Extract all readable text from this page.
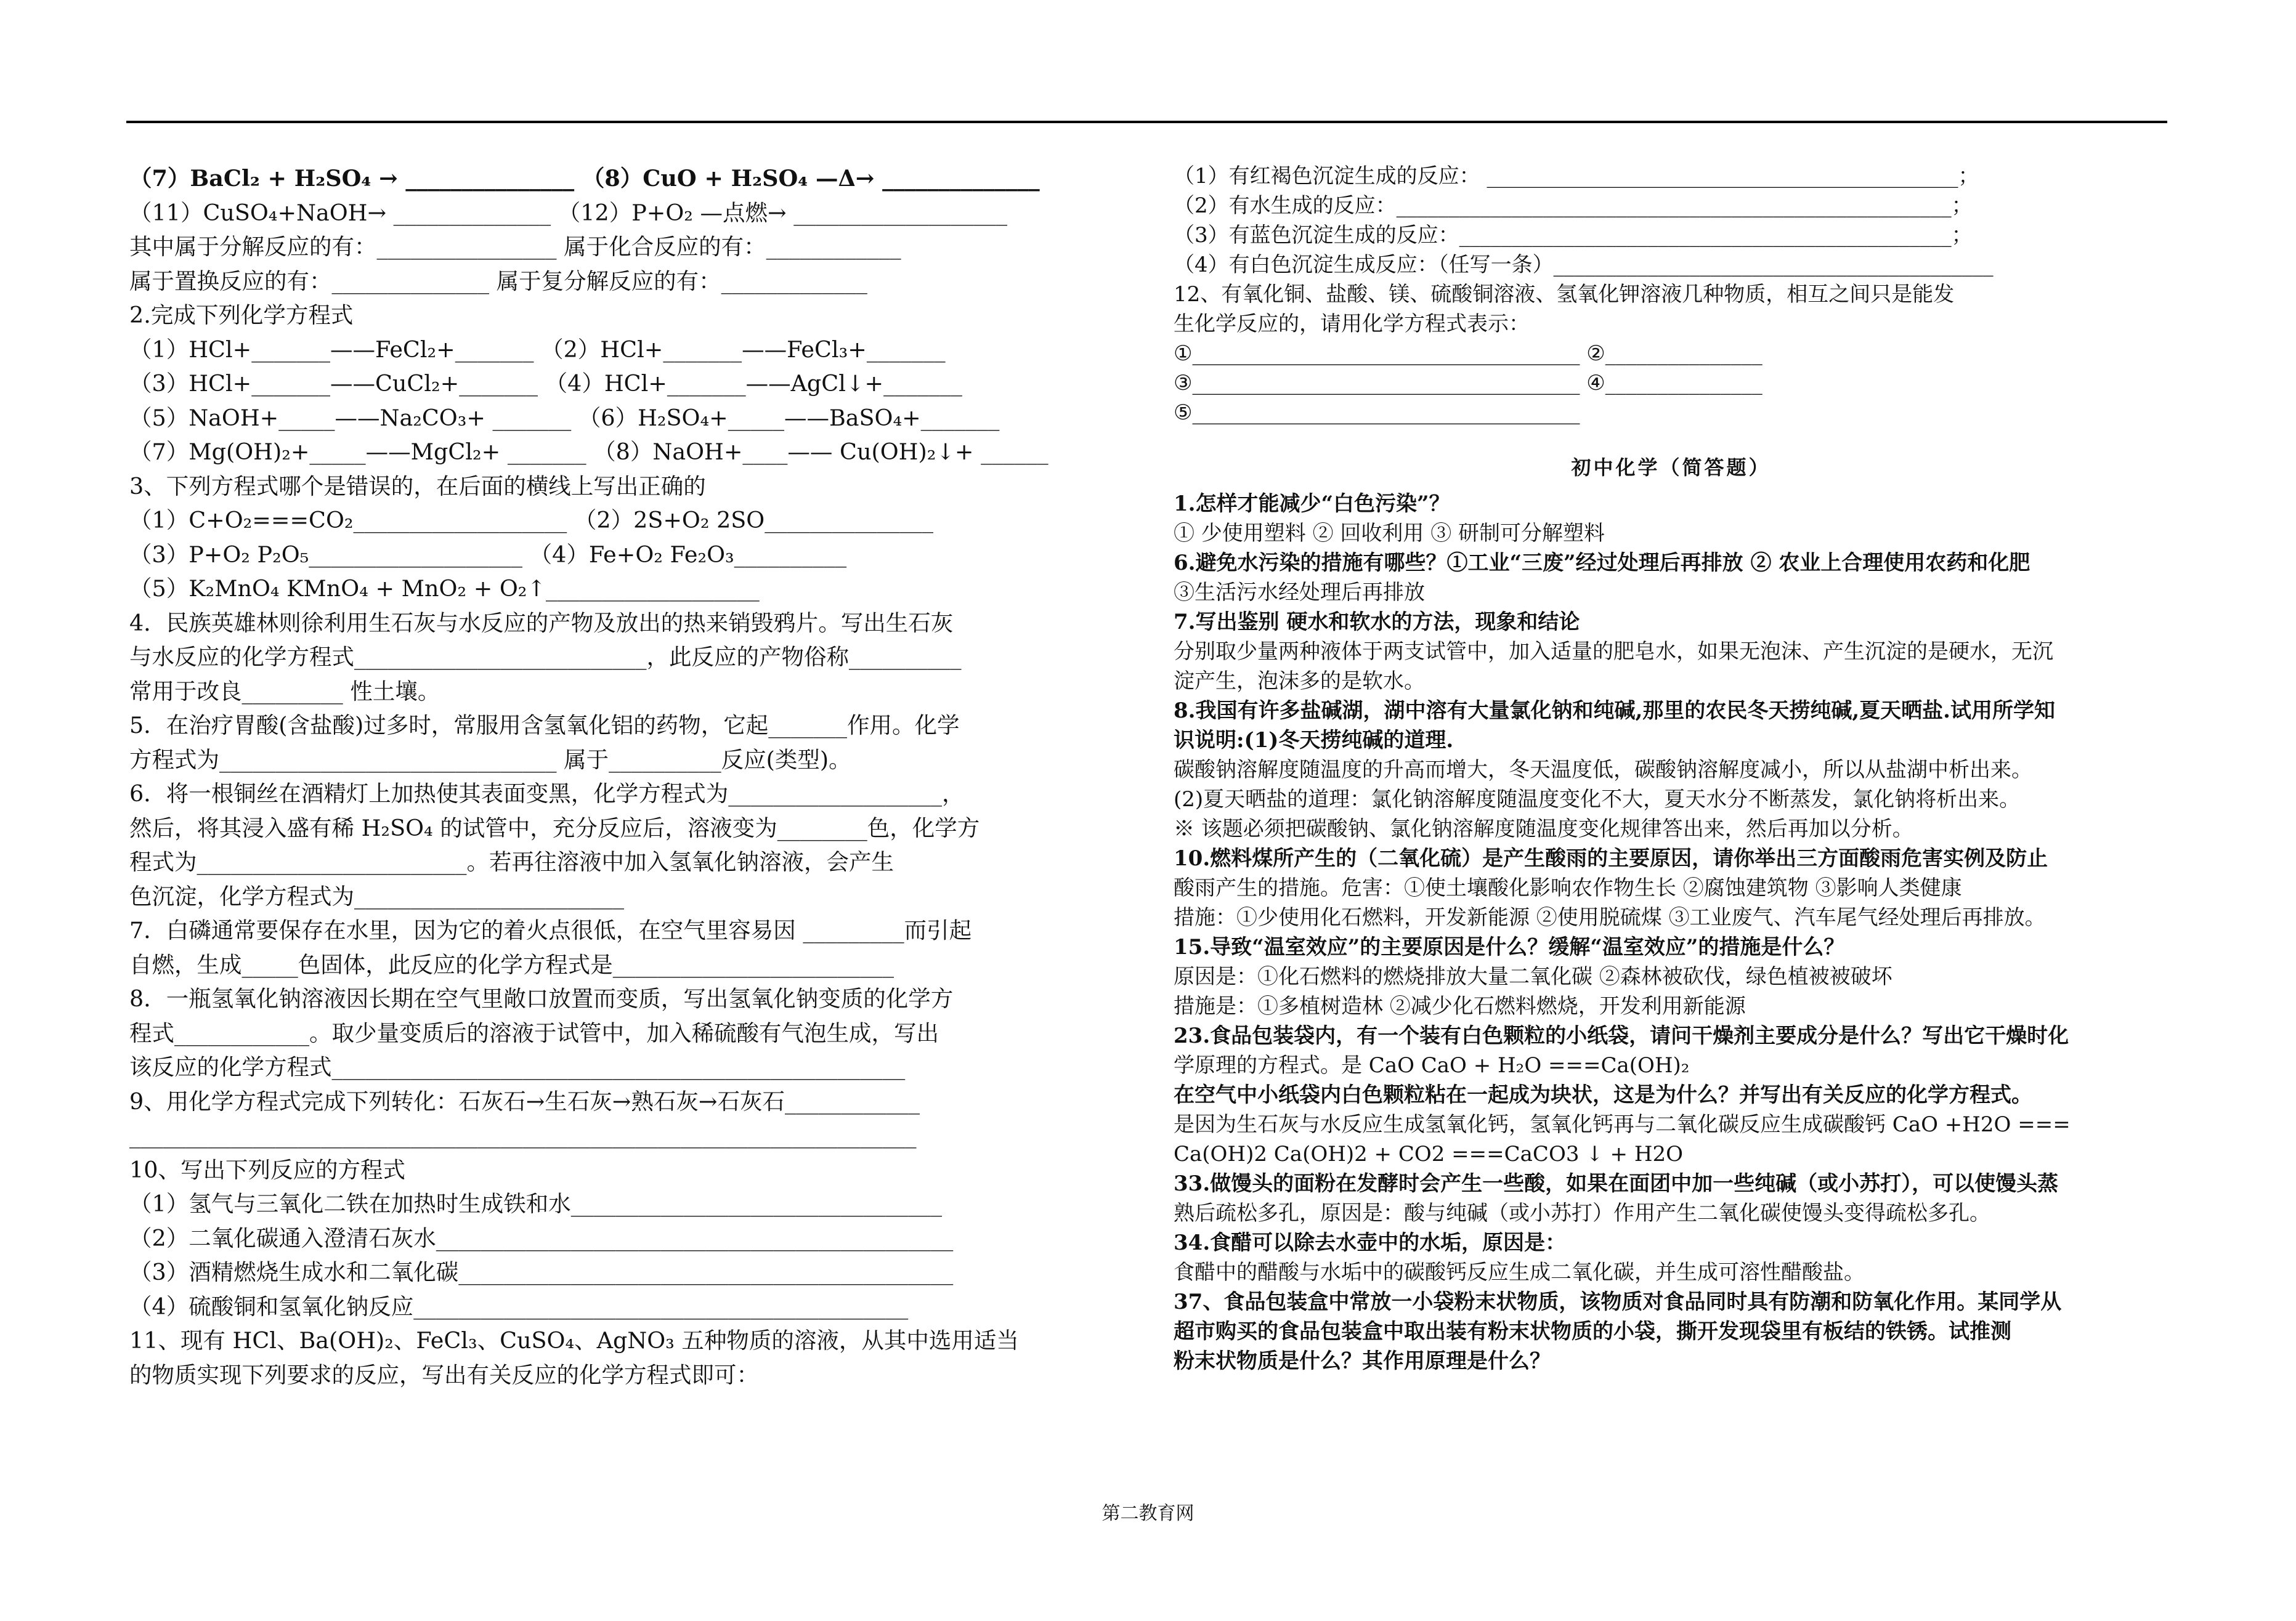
（7）BaCl₂ + H₂SO₄ → _______________ （8）CuO + H₂SO₄ —Δ→ ______________
（11）CuSO₄+NaOH→ ______________ （12）P+O₂ —点燃→ ___________________
其中属于分解反应的有：________________ 属于化合反应的有：____________
属于置换反应的有：______________ 属于复分解反应的有：_____________
2.完成下列化学方程式
（1）HCl+_______——FeCl₂+_______ （2）HCl+_______——FeCl₃+_______
（3）HCl+_______——CuCl₂+_______ （4）HCl+_______——AgCl↓+_______
（5）NaOH+_____——Na₂CO₃+ _______ （6）H₂SO₄+_____——BaSO₄+_______
（7）Mg(OH)₂+_____——MgCl₂+ _______ （8）NaOH+____—— Cu(OH)₂↓+ ______
3、下列方程式哪个是错误的，在后面的横线上写出正确的
（1）C+O₂===CO₂___________________ （2）2S+O₂ 2SO_______________
（3）P+O₂ P₂O₅___________________ （4）Fe+O₂ Fe₂O₃__________
（5）K₂MnO₄ KMnO₄ + MnO₂ + O₂↑___________________
4．民族英雄林则徐利用生石灰与水反应的产物及放出的热来销毁鸦片。写出生石灰
与水反应的化学方程式__________________________，此反应的产物俗称__________
常用于改良_________ 性土壤。
5．在治疗胃酸(含盐酸)过多时，常服用含氢氧化铝的药物，它起_______作用。化学
方程式为______________________________ 属于__________反应(类型)。
6．将一根铜丝在酒精灯上加热使其表面变黑，化学方程式为___________________，
然后，将其浸入盛有稀 H₂SO₄ 的试管中，充分反应后，溶液变为________色，化学方
程式为________________________。若再往溶液中加入氢氧化钠溶液，会产生
色沉淀，化学方程式为________________________
7．白磷通常要保存在水里，因为它的着火点很低，在空气里容易因 _________而引起
自燃，生成_____色固体，此反应的化学方程式是_________________________
8．一瓶氢氧化钠溶液因长期在空气里敞口放置而变质，写出氢氧化钠变质的化学方
程式____________。取少量变质后的溶液于试管中，加入稀硫酸有气泡生成，写出
该反应的化学方程式___________________________________________________
9、用化学方程式完成下列转化：石灰石→生石灰→熟石灰→石灰石____________
______________________________________________________________________
10、写出下列反应的方程式
（1）氢气与三氧化二铁在加热时生成铁和水_________________________________
（2）二氧化碳通入澄清石灰水______________________________________________
（3）酒精燃烧生成水和二氧化碳____________________________________________
（4）硫酸铜和氢氧化钠反应____________________________________________
11、现有 HCl、Ba(OH)₂、FeCl₃、CuSO₄、AgNO₃ 五种物质的溶液，从其中选用适当
的物质实现下列要求的反应，写出有关反应的化学方程式即可：
（1）有红褐色沉淀生成的反应： _____________________________________________；
（2）有水生成的反应：_____________________________________________________；
（3）有蓝色沉淀生成的反应：_______________________________________________；
（4）有白色沉淀生成反应：（任写一条）__________________________________________
12、有氧化铜、盐酸、镁、硫酸铜溶液、氢氧化钾溶液几种物质，相互之间只是能发
生化学反应的，请用化学方程式表示：
①_____________________________________ ②_______________
③_____________________________________ ④_______________
⑤_____________________________________
初中化学（简答题）
1.怎样才能减少“白色污染”？
① 少使用塑料 ② 回收利用 ③ 研制可分解塑料
6.避免水污染的措施有哪些？①工业“三废”经过处理后再排放 ② 农业上合理使用农药和化肥
③生活污水经处理后再排放
7.写出鉴别 硬水和软水的方法，现象和结论
分别取少量两种液体于两支试管中，加入适量的肥皂水，如果无泡沫、产生沉淀的是硬水，无沉
淀产生，泡沫多的是软水。
8.我国有许多盐碱湖，湖中溶有大量氯化钠和纯碱,那里的农民冬天捞纯碱,夏天晒盐.试用所学知
识说明:(1)冬天捞纯碱的道理.
碳酸钠溶解度随温度的升高而增大，冬天温度低，碳酸钠溶解度减小，所以从盐湖中析出来。
(2)夏天晒盐的道理：氯化钠溶解度随温度变化不大，夏天水分不断蒸发，氯化钠将析出来。
※ 该题必须把碳酸钠、氯化钠溶解度随温度变化规律答出来，然后再加以分析。
10.燃料煤所产生的（二氧化硫）是产生酸雨的主要原因，请你举出三方面酸雨危害实例及防止
酸雨产生的措施。危害：①使土壤酸化影响农作物生长 ②腐蚀建筑物 ③影响人类健康
措施：①少使用化石燃料，开发新能源 ②使用脱硫煤 ③工业废气、汽车尾气经处理后再排放。
15.导致“温室效应”的主要原因是什么？缓解“温室效应”的措施是什么？
原因是：①化石燃料的燃烧排放大量二氧化碳 ②森林被砍伐，绿色植被被破坏
措施是：①多植树造林 ②减少化石燃料燃烧，开发利用新能源
23.食品包装袋内，有一个装有白色颗粒的小纸袋，请问干燥剂主要成分是什么？写出它干燥时化
学原理的方程式。是 CaO CaO + H₂O ===Ca(OH)₂
在空气中小纸袋内白色颗粒粘在一起成为块状，这是为什么？并写出有关反应的化学方程式。
是因为生石灰与水反应生成氢氧化钙，氢氧化钙再与二氧化碳反应生成碳酸钙 CaO +H2O ===
Ca(OH)2 Ca(OH)2 + CO2 ===CaCO3 ↓ + H2O
33.做馒头的面粉在发酵时会产生一些酸，如果在面团中加一些纯碱（或小苏打），可以使馒头蒸
熟后疏松多孔，原因是：酸与纯碱（或小苏打）作用产生二氧化碳使馒头变得疏松多孔。
34.食醋可以除去水壶中的水垢，原因是：
食醋中的醋酸与水垢中的碳酸钙反应生成二氧化碳，并生成可溶性醋酸盐。
37、食品包装盒中常放一小袋粉末状物质，该物质对食品同时具有防潮和防氧化作用。某同学从
超市购买的食品包装盒中取出装有粉末状物质的小袋，撕开发现袋里有板结的铁锈。试推测
粉末状物质是什么？其作用原理是什么？
第二教育网
